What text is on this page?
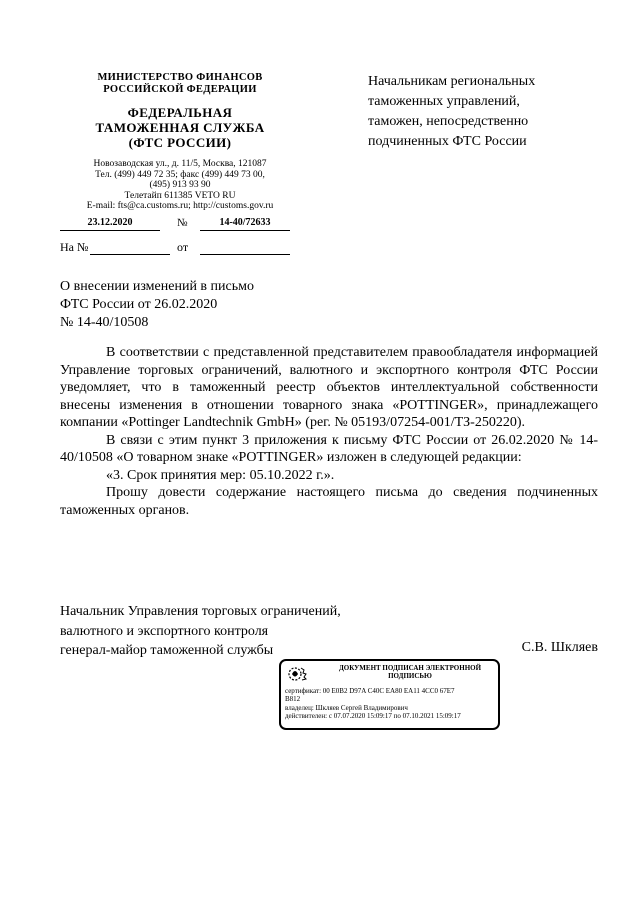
МИНИСТЕРСТВО ФИНАНСОВ
РОССИЙСКОЙ ФЕДЕРАЦИИ
ФЕДЕРАЛЬНАЯ
ТАМОЖЕННАЯ СЛУЖБА
(ФТС РОССИИ)
Новозаводская ул., д. 11/5, Москва, 121087
Тел. (499) 449 72 35; факс (499) 449 73 00,
(495) 913 93 90
Телетайп 611385 VETO RU
E-mail: fts@ca.customs.ru; http://customs.gov.ru
23.12.2020	№	14-40/72633
На №	от
Начальникам региональных
таможенных управлений,
таможен, непосредственно
подчиненных ФТС России
О внесении изменений в письмо
ФТС России от 26.02.2020
№ 14-40/10508

В соответствии с представленной представителем правообладателя информацией Управление торговых ограничений, валютного и экспортного контроля ФТС России уведомляет, что в таможенный реестр объектов интеллектуальной собственности внесены изменения в отношении товарного знака «POTTINGER», принадлежащего компании «Pottinger Landtechnik GmbH» (рег. № 05193/07254-001/ТЗ-250220).

В связи с этим пункт 3 приложения к письму ФТС России от 26.02.2020 № 14-40/10508 «О товарном знаке «POTTINGER» изложен в следующей редакции:

«3. Срок принятия мер: 05.10.2022 г.».

Прошу довести содержание настоящего письма до сведения подчиненных таможенных органов.

Начальник Управления торговых ограничений,
валютного и экспортного контроля
генерал-майор таможенной службы	С.В. Шкляев
ДОКУМЕНТ ПОДПИСАН ЭЛЕКТРОННОЙ
ПОДПИСЬЮ
сертификат: 00 E0B2 D97A C40C EA80 EA11 4CC0 67E7
B812
владелец: Шкляев Сергей Владимирович
действителен: с 07.07.2020 15:09:17 по 07.10.2021 15:09:17
